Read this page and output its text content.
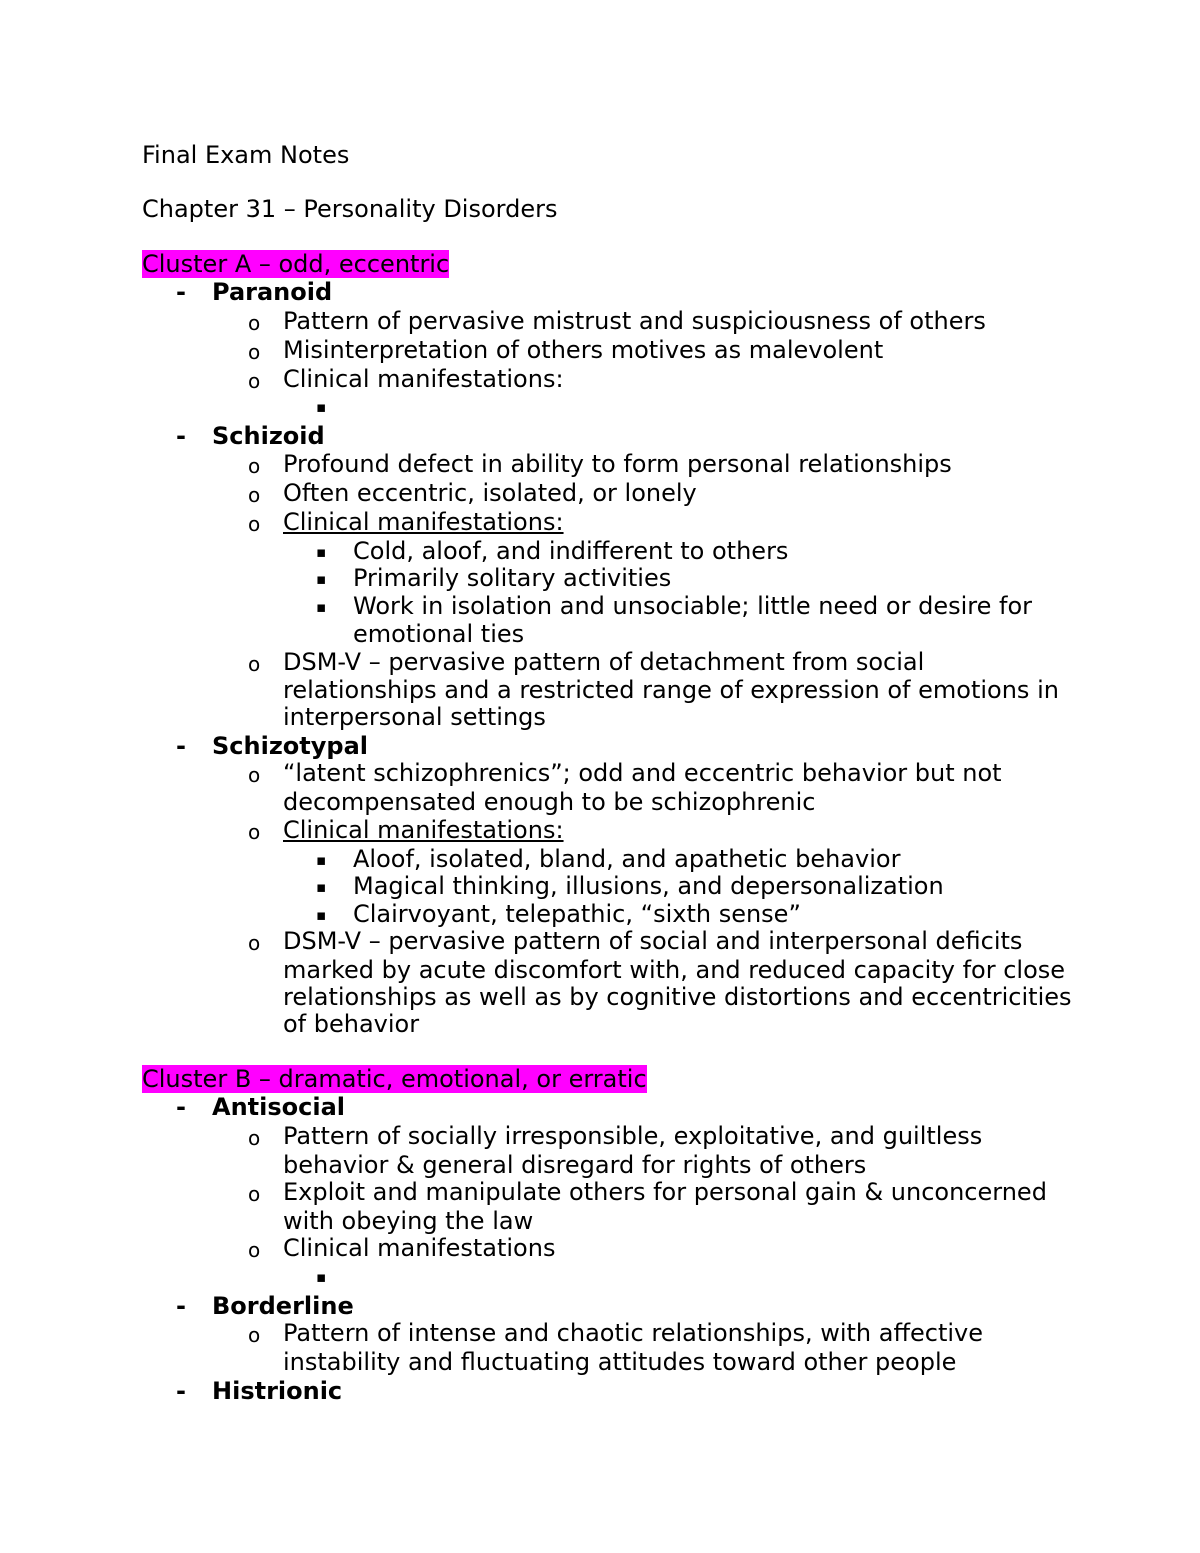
Final Exam Notes
Chapter 31 – Personality Disorders
Cluster A – odd, eccentric
- Paranoid
o Pattern of pervasive mistrust and suspiciousness of others
o Misinterpretation of others motives as malevolent
o Clinical manifestations:
▪
- Schizoid
o Profound defect in ability to form personal relationships
o Often eccentric, isolated, or lonely
o Clinical manifestations:
▪ Cold, aloof, and indifferent to others
▪ Primarily solitary activities
▪ Work in isolation and unsociable; little need or desire for
emotional ties
o DSM-V – pervasive pattern of detachment from social
relationships and a restricted range of expression of emotions in
interpersonal settings
- Schizotypal
o “latent schizophrenics”; odd and eccentric behavior but not
decompensated enough to be schizophrenic
o Clinical manifestations:
▪ Aloof, isolated, bland, and apathetic behavior
▪ Magical thinking, illusions, and depersonalization
▪ Clairvoyant, telepathic, “sixth sense”
o DSM-V – pervasive pattern of social and interpersonal deficits
marked by acute discomfort with, and reduced capacity for close
relationships as well as by cognitive distortions and eccentricities
of behavior
Cluster B – dramatic, emotional, or erratic
- Antisocial
o Pattern of socially irresponsible, exploitative, and guiltless
behavior & general disregard for rights of others
o Exploit and manipulate others for personal gain & unconcerned
with obeying the law
o Clinical manifestations
▪
- Borderline
o Pattern of intense and chaotic relationships, with affective
instability and fluctuating attitudes toward other people
- Histrionic
